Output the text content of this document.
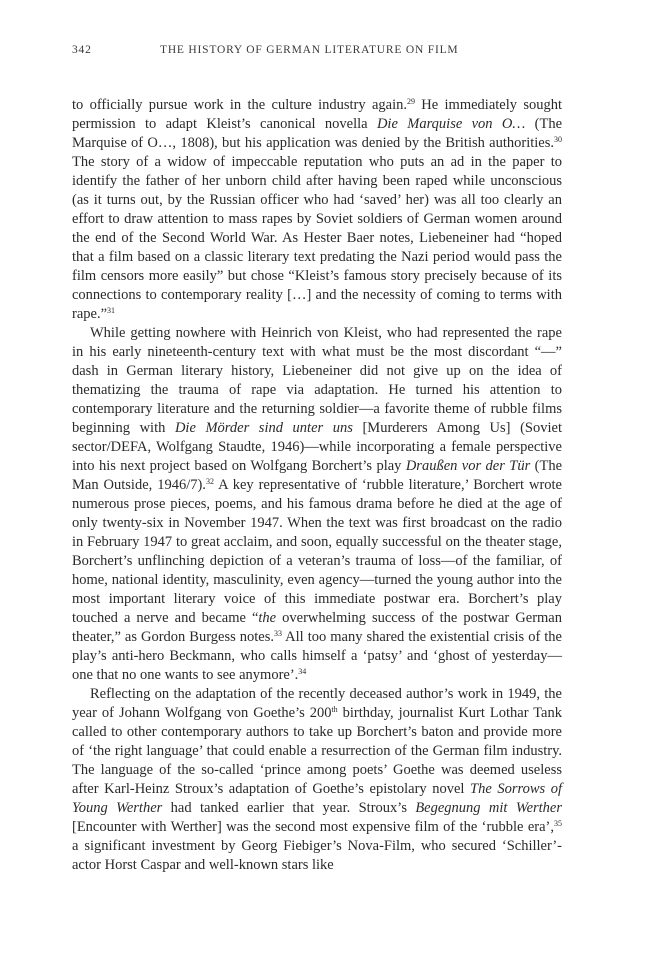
342	THE HISTORY OF GERMAN LITERATURE ON FILM

to officially pursue work in the culture industry again.$^{29}$ He immediately sought permission to adapt Kleist’s canonical novella Die Marquise von O… (The Marquise of O…, 1808), but his application was denied by the British authorities.$^{30}$ The story of a widow of impeccable reputation who puts an ad in the paper to identify the father of her unborn child after having been raped while unconscious (as it turns out, by the Russian officer who had ‘saved’ her) was all too clearly an effort to draw attention to mass rapes by Soviet soldiers of German women around the end of the Second World War. As Hester Baer notes, Liebeneiner had “hoped that a film based on a classic literary text predating the Nazi period would pass the film censors more easily” but chose “Kleist’s famous story precisely because of its connections to contemporary reality […] and the necessity of coming to terms with rape.”$^{31}$

While getting nowhere with Heinrich von Kleist, who had represented the rape in his early nineteenth-century text with what must be the most discordant “—” dash in German literary history, Liebeneiner did not give up on the idea of thematizing the trauma of rape via adaptation. He turned his attention to contemporary literature and the returning soldier—a favorite theme of rubble films beginning with Die Mörder sind unter uns [Murderers Among Us] (Soviet sector/DEFA, Wolfgang Staudte, 1946)—while incorporating a female perspective into his next project based on Wolfgang Borchert’s play Draußen vor der Tür (The Man Outside, 1946/7).$^{32}$ A key representative of ‘rubble literature,’ Borchert wrote numerous prose pieces, poems, and his famous drama before he died at the age of only twenty-six in November 1947. When the text was first broadcast on the radio in February 1947 to great acclaim, and soon, equally successful on the theater stage, Borchert’s unflinching depiction of a veteran’s trauma of loss—of the familiar, of home, national identity, masculinity, even agency—turned the young author into the most important literary voice of this immediate postwar era. Borchert’s play touched a nerve and became “the overwhelming success of the postwar German theater,” as Gordon Burgess notes.$^{33}$ All too many shared the existential crisis of the play’s anti-hero Beckmann, who calls himself a ‘patsy’ and ‘ghost of yesterday—one that no one wants to see anymore’.$^{34}$

Reflecting on the adaptation of the recently deceased author’s work in 1949, the year of Johann Wolfgang von Goethe’s 200th birthday, journalist Kurt Lothar Tank called to other contemporary authors to take up Borchert’s baton and provide more of ‘the right language’ that could enable a resurrection of the German film industry. The language of the so-called ‘prince among poets’ Goethe was deemed useless after Karl-Heinz Stroux’s adaptation of Goethe’s epistolary novel The Sorrows of Young Werther had tanked earlier that year. Stroux’s Begegnung mit Werther [Encounter with Werther] was the second most expensive film of the ‘rubble era’,$^{35}$ a significant investment by Georg Fiebiger’s Nova-Film, who secured ‘Schiller’-actor Horst Caspar and well-known stars like
